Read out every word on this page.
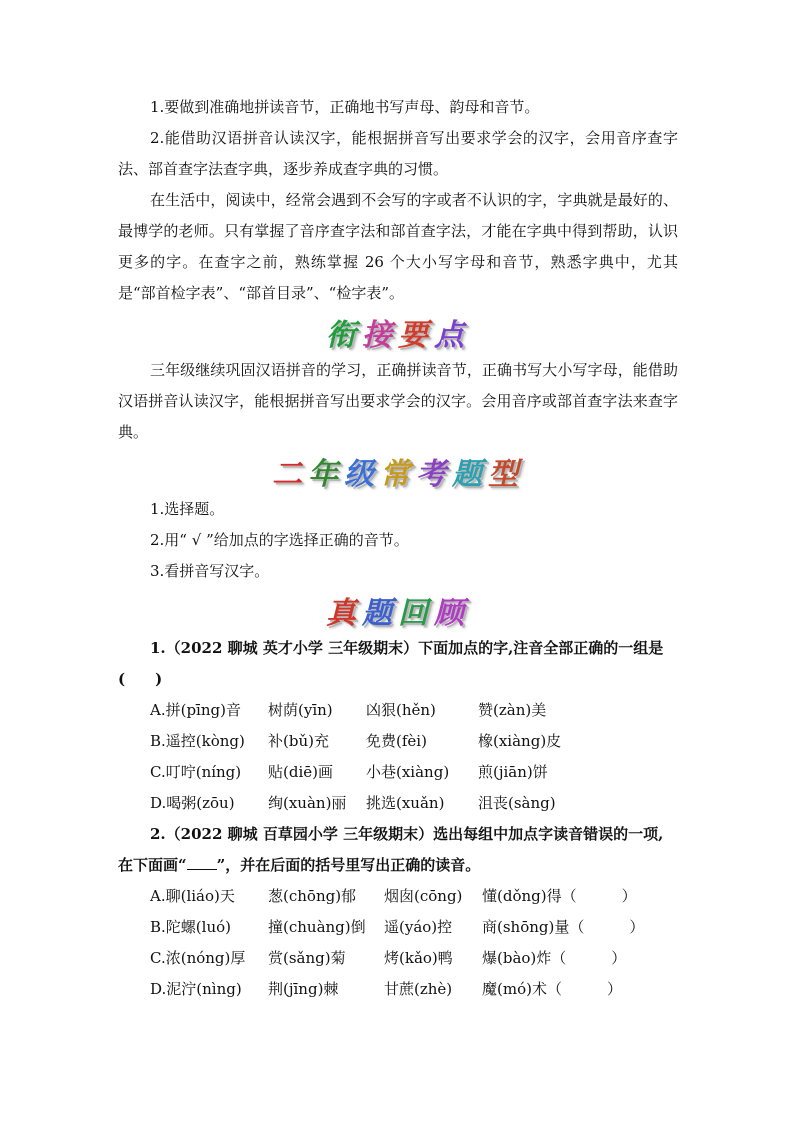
1.要做到准确地拼读音节，正确地书写声母、韵母和音节。

2.能借助汉语拼音认读汉字，能根据拼音写出要求学会的汉字，会用音序查字法、部首查字法查字典，逐步养成查字典的习惯。

在生活中，阅读中，经常会遇到不会写的字或者不认识的字，字典就是最好的、最博学的老师。只有掌握了音序查字法和部首查字法，才能在字典中得到帮助，认识更多的字。在查字之前，熟练掌握 26 个大小写字母和音节，熟悉字典中，尤其是“部首检字表”、“部首目录”、“检字表”。

衔接要点

三年级继续巩固汉语拼音的学习，正确拼读音节，正确书写大小写字母，能借助汉语拼音认读汉字，能根据拼音写出要求学会的汉字。会用音序或部首查字法来查字典。

二年级常考题型

1.选择题。

2.用“ √ ”给加点的字选择正确的音节。

3.看拼音写汉字。

真题回顾

1.（2022 聊城 英才小学 三年级期末）下面加点的字,注音全部正确的一组是(　　)

A.拼(pīng)音	树荫(yīn)	凶狠(hěn)	赞(zàn)美
B.遥控(kòng)	补(bǔ)充	免费(fèi)	橡(xiàng)皮
C.叮咛(níng)	贴(diē)画	小巷(xiàng)	煎(jiān)饼
D.喝粥(zōu)	绚(xuàn)丽	挑选(xuǎn)	沮丧(sàng)

2.（2022 聊城 百草园小学 三年级期末）选出每组中加点字读音错误的一项,在下面画“ ”，并在后面的括号里写出正确的读音。

A.聊(liáo)天	葱(chōng)郁	烟囱(cōng)	懂(dǒng)得（　　　）
B.陀螺(luó)	撞(chuàng)倒	遥(yáo)控	商(shōng)量（　　　）
C.浓(nóng)厚	赏(sǎng)菊	烤(kǎo)鸭	爆(bào)炸（　　　）
D.泥泞(nìng)	荆(jīng)棘	甘蔗(zhè)	魔(mó)术（　　　）
